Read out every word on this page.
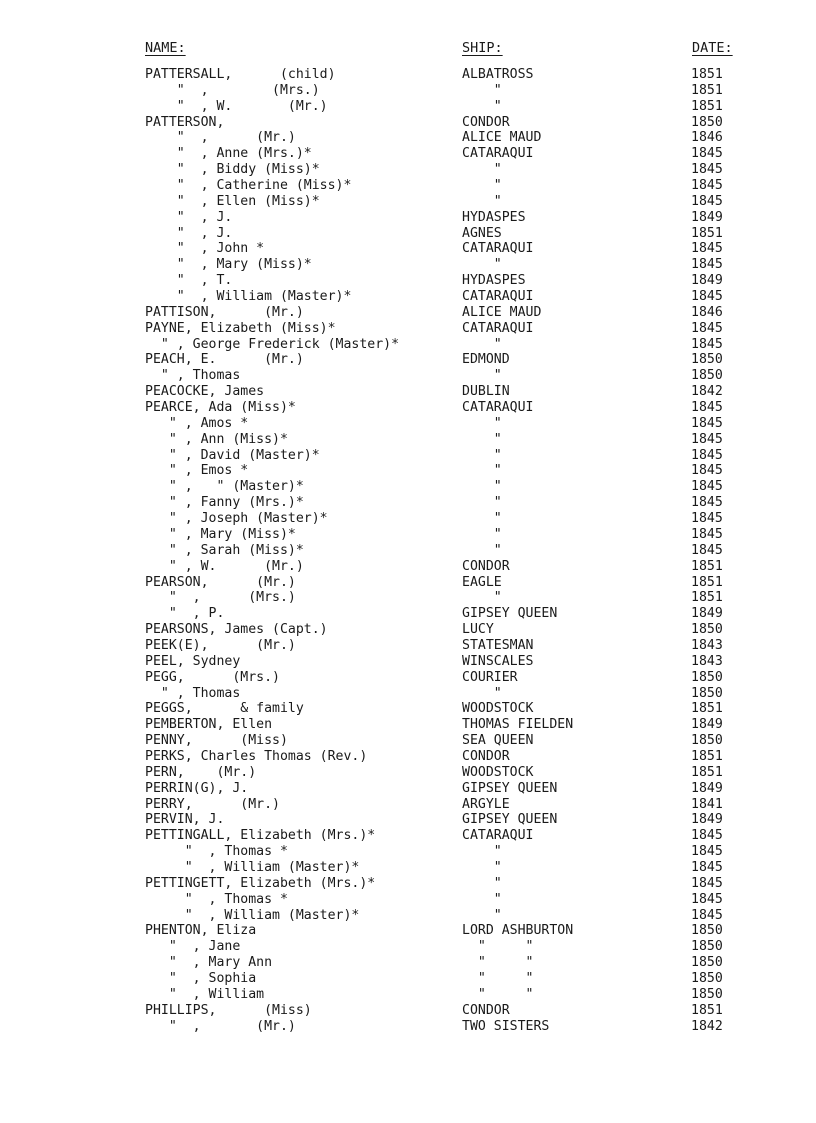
NAME:	SHIP:	DATE:
PATTERSALL,      (child)	ALBATROSS	1851
"  ,        (Mrs.)	"	1851
"  , W.       (Mr.)	"	1851
PATTERSON,	CONDOR	1850
"  ,      (Mr.)	ALICE MAUD	1846
"  , Anne (Mrs.)*	CATARAQUI	1845
"  , Biddy (Miss)*	"	1845
"  , Catherine (Miss)*	"	1845
"  , Ellen (Miss)*	"	1845
"  , J.	HYDASPES	1849
"  , J.	AGNES	1851
"  , John *	CATARAQUI	1845
"  , Mary (Miss)*	"	1845
"  , T.	HYDASPES	1849
"  , William (Master)*	CATARAQUI	1845
PATTISON,      (Mr.)	ALICE MAUD	1846
PAYNE, Elizabeth (Miss)*	CATARAQUI	1845
" , George Frederick (Master)*	"	1845
PEACH, E.      (Mr.)	EDMOND	1850
" , Thomas	"	1850
PEACOCKE, James	DUBLIN	1842
PEARCE, Ada (Miss)*	CATARAQUI	1845
" , Amos *	"	1845
" , Ann (Miss)*	"	1845
" , David (Master)*	"	1845
" , Emos *	"	1845
" ,   " (Master)*	"	1845
" , Fanny (Mrs.)*	"	1845
" , Joseph (Master)*	"	1845
" , Mary (Miss)*	"	1845
" , Sarah (Miss)*	"	1845
" , W.      (Mr.)	CONDOR	1851
PEARSON,      (Mr.)	EAGLE	1851
"  ,      (Mrs.)	"	1851
"  , P.	GIPSEY QUEEN	1849
PEARSONS, James (Capt.)	LUCY	1850
PEEK(E),      (Mr.)	STATESMAN	1843
PEEL, Sydney	WINSCALES	1843
PEGG,      (Mrs.)	COURIER	1850
" , Thomas	"	1850
PEGGS,      & family	WOODSTOCK	1851
PEMBERTON, Ellen	THOMAS FIELDEN	1849
PENNY,      (Miss)	SEA QUEEN	1850
PERKS, Charles Thomas (Rev.)	CONDOR	1851
PERN,    (Mr.)	WOODSTOCK	1851
PERRIN(G), J.	GIPSEY QUEEN	1849
PERRY,      (Mr.)	ARGYLE	1841
PERVIN, J.	GIPSEY QUEEN	1849
PETTINGALL, Elizabeth (Mrs.)*	CATARAQUI	1845
"  , Thomas *	"	1845
"  , William (Master)*	"	1845
PETTINGETT, Elizabeth (Mrs.)*	"	1845
"  , Thomas *	"	1845
"  , William (Master)*	"	1845
PHENTON, Eliza	LORD ASHBURTON	1850
"  , Jane	"     "	1850
"  , Mary Ann	"     "	1850
"  , Sophia	"     "	1850
"  , William	"     "	1850
PHILLIPS,      (Miss)	CONDOR	1851
"  ,       (Mr.)	TWO SISTERS	1842
